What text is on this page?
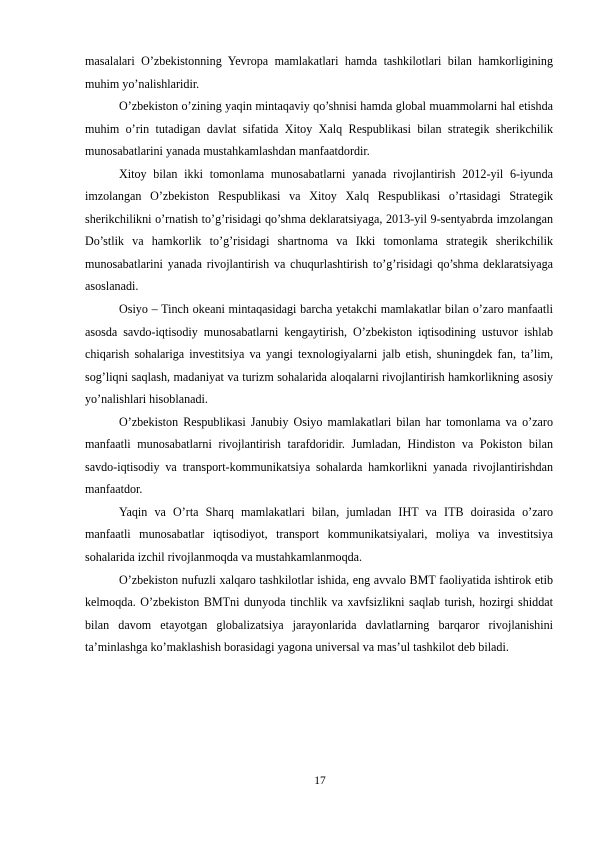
masalalari O’zbekistonning Yevropa mamlakatlari hamda tashkilotlari bilan hamkorligining muhim yo’nalishlaridir.

O’zbekiston o’zining yaqin mintaqaviy qo’shnisi hamda global muammolarni hal etishda muhim o’rin tutadigan davlat sifatida Xitoy Xalq Respublikasi bilan strategik sherikchilik munosabatlarini yanada mustahkamlashdan manfaatdordir.

Xitoy bilan ikki tomonlama munosabatlarni yanada rivojlantirish 2012-yil 6-iyunda imzolangan O’zbekiston Respublikasi va Xitoy Xalq Respublikasi o’rtasidagi Strategik sherikchilikni o’rnatish to’g’risidagi qo’shma deklaratsiyaga, 2013-yil 9-sentyabrda imzolangan Do’stlik va hamkorlik to’g’risidagi shartnoma va Ikki tomonlama strategik sherikchilik munosabatlarini yanada rivojlantirish va chuqurlashtirish to’g’risidagi qo’shma deklaratsiyaga asoslanadi.

Osiyo – Tinch okeani mintaqasidagi barcha yetakchi mamlakatlar bilan o’zaro manfaatli asosda savdo-iqtisodiy munosabatlarni kengaytirish, O’zbekiston iqtisodining ustuvor ishlab chiqarish sohalariga investitsiya va yangi texnologiyalarni jalb etish, shuningdek fan, ta’lim, sog’liqni saqlash, madaniyat va turizm sohalarida aloqalarni rivojlantirish hamkorlikning asosiy yo’nalishlari hisoblanadi.

O’zbekiston Respublikasi Janubiy Osiyo mamlakatlari bilan har tomonlama va o’zaro manfaatli munosabatlarni rivojlantirish tarafdoridir. Jumladan, Hindiston va Pokiston bilan savdo-iqtisodiy va transport-kommunikatsiya sohalarda hamkorlikni yanada rivojlantirishdan manfaatdor.

Yaqin va O’rta Sharq mamlakatlari bilan, jumladan IHT va ITB doirasida o’zaro manfaatli munosabatlar iqtisodiyot, transport kommunikatsiyalari, moliya va investitsiya sohalarida izchil rivojlanmoqda va mustahkamlanmoqda.

O’zbekiston nufuzli xalqaro tashkilotlar ishida, eng avvalo BMT faoliyatida ishtirok etib kelmoqda. O’zbekiston BMTni dunyoda tinchlik va xavfsizlikni saqlab turish, hozirgi shiddat bilan davom etayotgan globalizatsiya jarayonlarida davlatlarning barqaror rivojlanishini ta’minlashga ko’maklashish borasidagi yagona universal va mas’ul tashkilot deb biladi.

17
